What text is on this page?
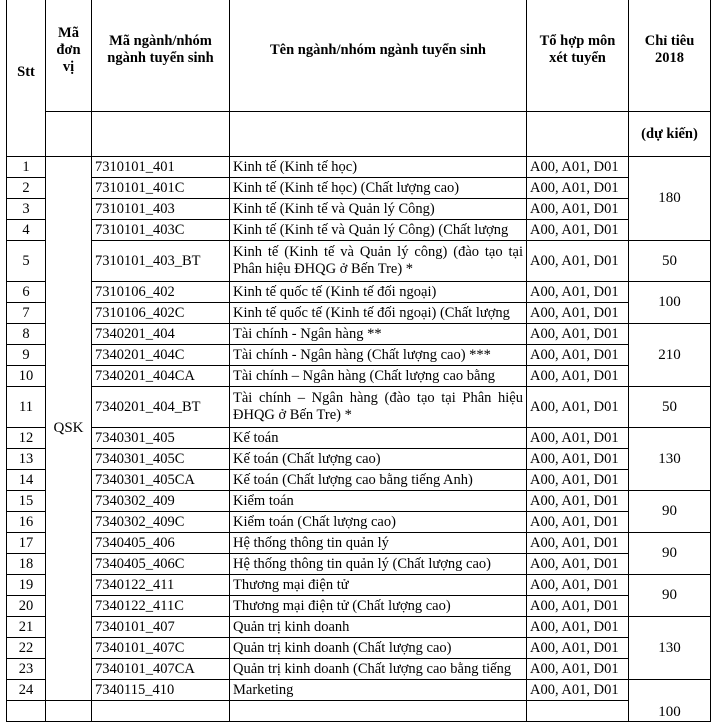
Stt	Mã đơn vị	Mã ngành/nhóm ngành tuyển sinh	Tên ngành/nhóm ngành tuyển sinh	Tổ hợp môn xét tuyển	Chỉ tiêu 2018
					(dự kiến)
1	QSK	7310101_401	Kinh tế (Kinh tế học)	A00, A01, D01	180
2		7310101_401C	Kinh tế (Kinh tế học) (Chất lượng cao)	A00, A01, D01	
3		7310101_403	Kinh tế (Kinh tế và Quản lý Công)	A00, A01, D01	
4		7310101_403C	Kinh tế (Kinh tế và Quản lý Công) (Chất lượng	A00, A01, D01	
5		7310101_403_BT	Kinh tế (Kinh tế và Quản lý công) (đào tạo tại Phân hiệu ĐHQG ở Bến Tre) *	A00, A01, D01	50
6		7310106_402	Kinh tế quốc tế (Kinh tế đối ngoại)	A00, A01, D01	100
7		7310106_402C	Kinh tế quốc tế (Kinh tế đối ngoại) (Chất lượng	A00, A01, D01	
8		7340201_404	Tài chính - Ngân hàng **	A00, A01, D01	210
9		7340201_404C	Tài chính - Ngân hàng (Chất lượng cao) ***	A00, A01, D01	
10		7340201_404CA	Tài chính – Ngân hàng (Chất lượng cao bằng	A00, A01, D01	
11		7340201_404_BT	Tài chính – Ngân hàng (đào tạo tại Phân hiệu ĐHQG ở Bến Tre) *	A00, A01, D01	50
12		7340301_405	Kế toán	A00, A01, D01	130
13		7340301_405C	Kế toán (Chất lượng cao)	A00, A01, D01	
14		7340301_405CA	Kế toán (Chất lượng cao bằng tiếng Anh)	A00, A01, D01	
15		7340302_409	Kiểm toán	A00, A01, D01	90
16		7340302_409C	Kiểm toán (Chất lượng cao)	A00, A01, D01	
17		7340405_406	Hệ thống thông tin quản lý	A00, A01, D01	90
18		7340405_406C	Hệ thống thông tin quản lý (Chất lượng cao)	A00, A01, D01	
19		7340122_411	Thương mại điện tử	A00, A01, D01	90
20		7340122_411C	Thương mại điện tử (Chất lượng cao)	A00, A01, D01	
21		7340101_407	Quản trị kinh doanh	A00, A01, D01	130
22		7340101_407C	Quản trị kinh doanh (Chất lượng cao)	A00, A01, D01	
23		7340101_407CA	Quản trị kinh doanh (Chất lượng cao bằng tiếng	A00, A01, D01	
24		7340115_410	Marketing	A00, A01, D01	100
